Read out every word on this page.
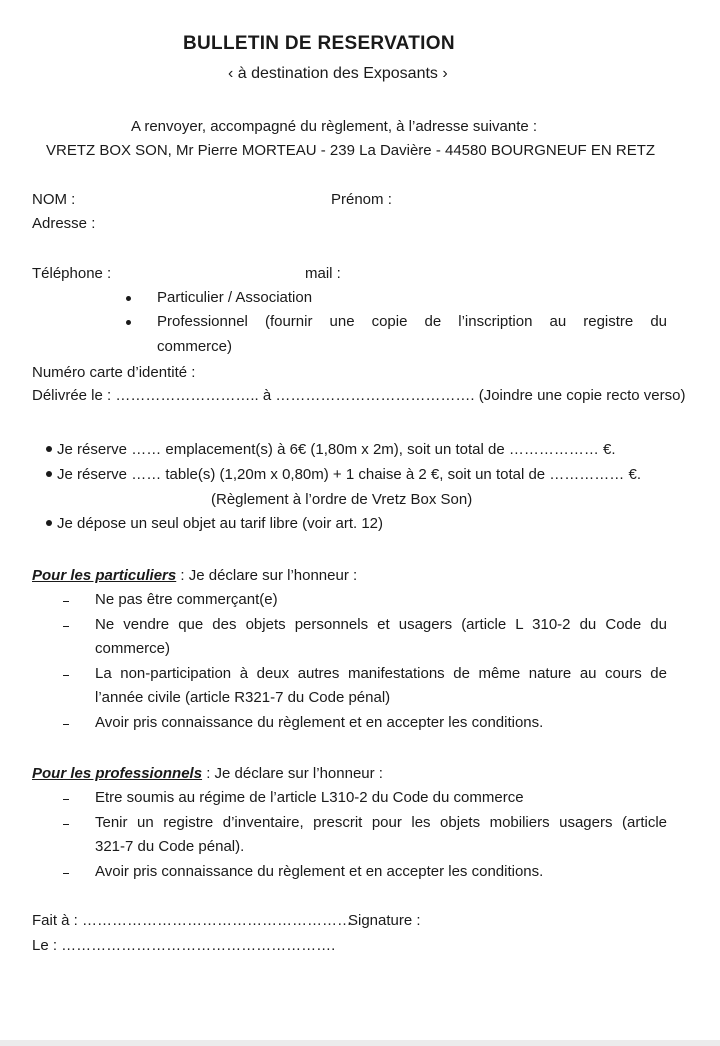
BULLETIN DE RESERVATION
‹ à destination des Exposants ›
A renvoyer, accompagné du règlement, à l’adresse suivante :
VRETZ BOX SON, Mr Pierre MORTEAU - 239 La Davière - 44580 BOURGNEUF EN RETZ
NOM :	Prénom :
Adresse :
Téléphone :	mail :
Particulier / Association
Professionnel (fournir une copie de l’inscription au registre du
commerce)
Numéro carte d’identité :
Délivrée le : ……………………….. à …………………………………. (Joindre une copie recto verso)
Je réserve …… emplacement(s) à 6€ (1,80m x 2m), soit un total de ……………… €.
Je réserve …… table(s) (1,20m x 0,80m) + 1 chaise à 2 €, soit un total de …………… €.
(Règlement à l’ordre de Vretz Box Son)
Je dépose un seul objet au tarif libre (voir art. 12)
Pour les particuliers : Je déclare sur l’honneur :
Ne pas être commerçant(e)
Ne vendre que des objets personnels et usagers (article L 310-2 du Code du
commerce)
La non-participation à deux autres manifestations de même nature au cours de
l’année civile (article R321-7 du Code pénal)
Avoir pris connaissance du règlement et en accepter les conditions.
Pour les professionnels : Je déclare sur l’honneur :
Etre soumis au régime de l’article L310-2 du Code du commerce
Tenir un registre d’inventaire, prescrit pour les objets mobiliers usagers (article
321-7 du Code pénal).
Avoir pris connaissance du règlement et en accepter les conditions.
Fait à : ………………………………………………
Signature :
Le : ……………………………………………….
